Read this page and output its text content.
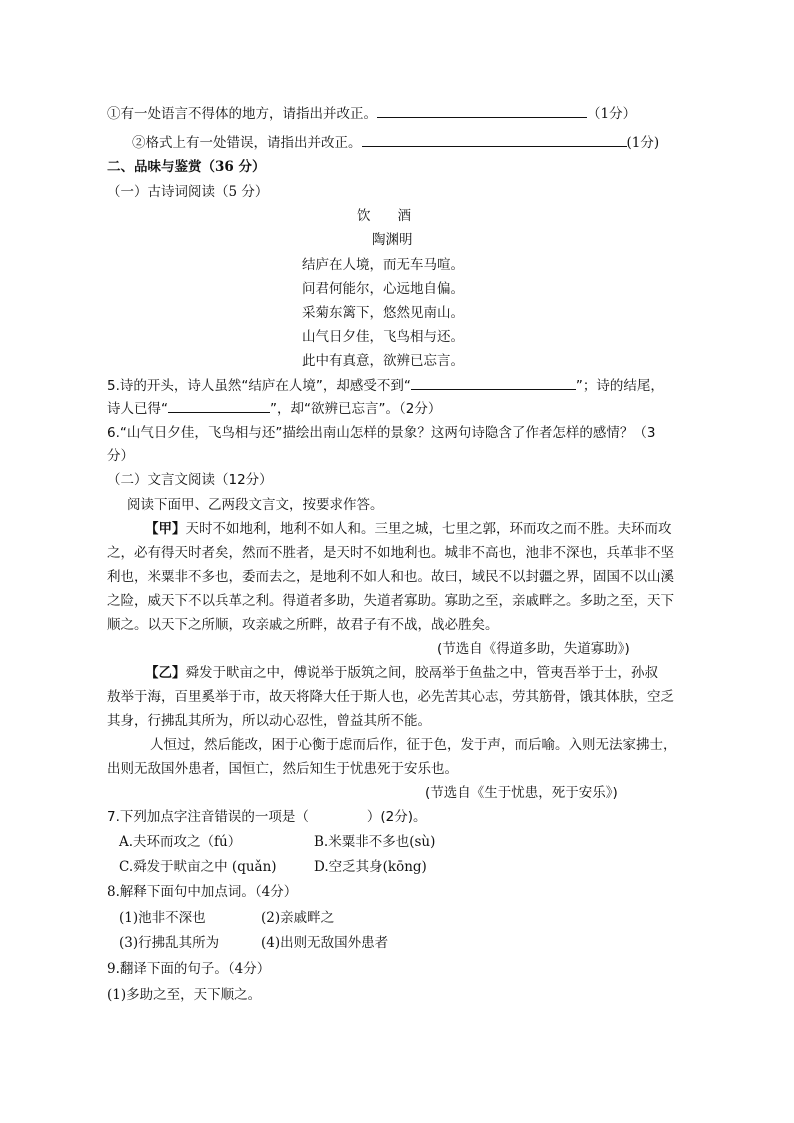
①有一处语言不得体的地方，请指出并改正。	（1分）
②格式上有一处错误，请指出并改正。	(1分)
二、品味与鉴赏（36 分）
（一）古诗词阅读（5 分）
饮　　酒
陶渊明
结庐在人境，而无车马喧。
问君何能尔，心远地自偏。
采菊东篱下，悠然见南山。
山气日夕佳，飞鸟相与还。
此中有真意，欲辨已忘言。
5.诗的开头，诗人虽然“结庐在人境”，却感受不到“	”；诗的结尾，
诗人已得“	”，却“欲辨已忘言”。（2分）
6.“山气日夕佳，飞鸟相与还”描绘出南山怎样的景象？这两句诗隐含了作者怎样的感情？（3
分）
（二）文言文阅读（12分）
阅读下面甲、乙两段文言文，按要求作答。
【甲】天时不如地利，地利不如人和。三里之城，七里之郭，环而攻之而不胜。夫环而攻
之，必有得天时者矣，然而不胜者，是天时不如地利也。城非不高也，池非不深也，兵革非不坚
利也，米粟非不多也，委而去之，是地利不如人和也。故曰，域民不以封疆之界，固国不以山溪
之险，威天下不以兵革之利。得道者多助，失道者寡助。寡助之至，亲戚畔之。多助之至，天下
顺之。以天下之所顺，攻亲戚之所畔，故君子有不战，战必胜矣。
(节选自《得道多助，失道寡助》)
【乙】舜发于畎亩之中，傅说举于版筑之间，胶鬲举于鱼盐之中，管夷吾举于士，孙叔
敖举于海，百里奚举于市，故天将降大任于斯人也，必先苦其心志，劳其筋骨，饿其体肤，空乏
其身，行拂乱其所为，所以动心忍性，曾益其所不能。
人恒过，然后能改，困于心衡于虑而后作，征于色，发于声，而后喻。入则无法家拂士，
出则无敌国外患者，国恒亡，然后知生于忧患死于安乐也。
(节选自《生于忧患，死于安乐》)
7.下列加点字注音错误的一项是（	）(2分)。
A.夫环而攻之（fú）	B.米粟非不多也(sù)
C.舜发于畎亩之中 (quǎn)	D.空乏其身(kōng)
8.解释下面句中加点词。（4分）
(1)池非不深也	(2)亲戚畔之
(3)行拂乱其所为	(4)出则无敌国外患者
9.翻译下面的句子。（4分）
(1)多助之至，天下顺之。
